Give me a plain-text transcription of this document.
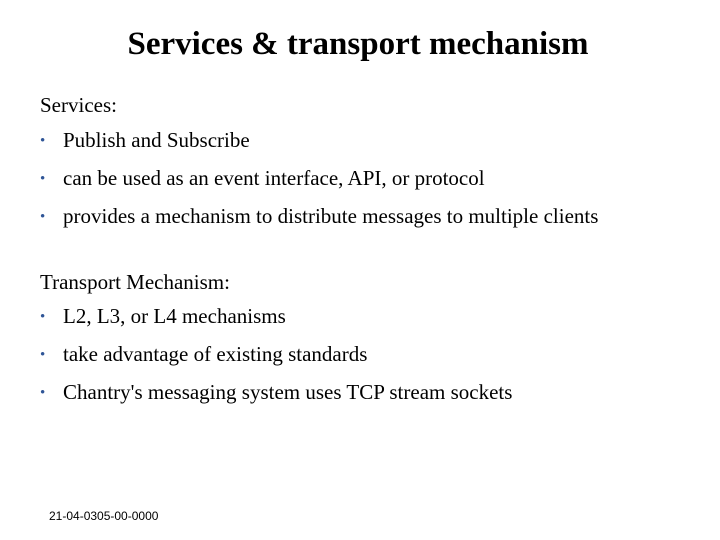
Services & transport mechanism

Services:

• Publish and Subscribe
• can be used as an event interface, API, or protocol
• provides a mechanism to distribute messages to multiple clients

Transport Mechanism:

• L2, L3, or L4 mechanisms
• take advantage of existing standards
• Chantry's messaging system uses TCP stream sockets
21-04-0305-00-0000
